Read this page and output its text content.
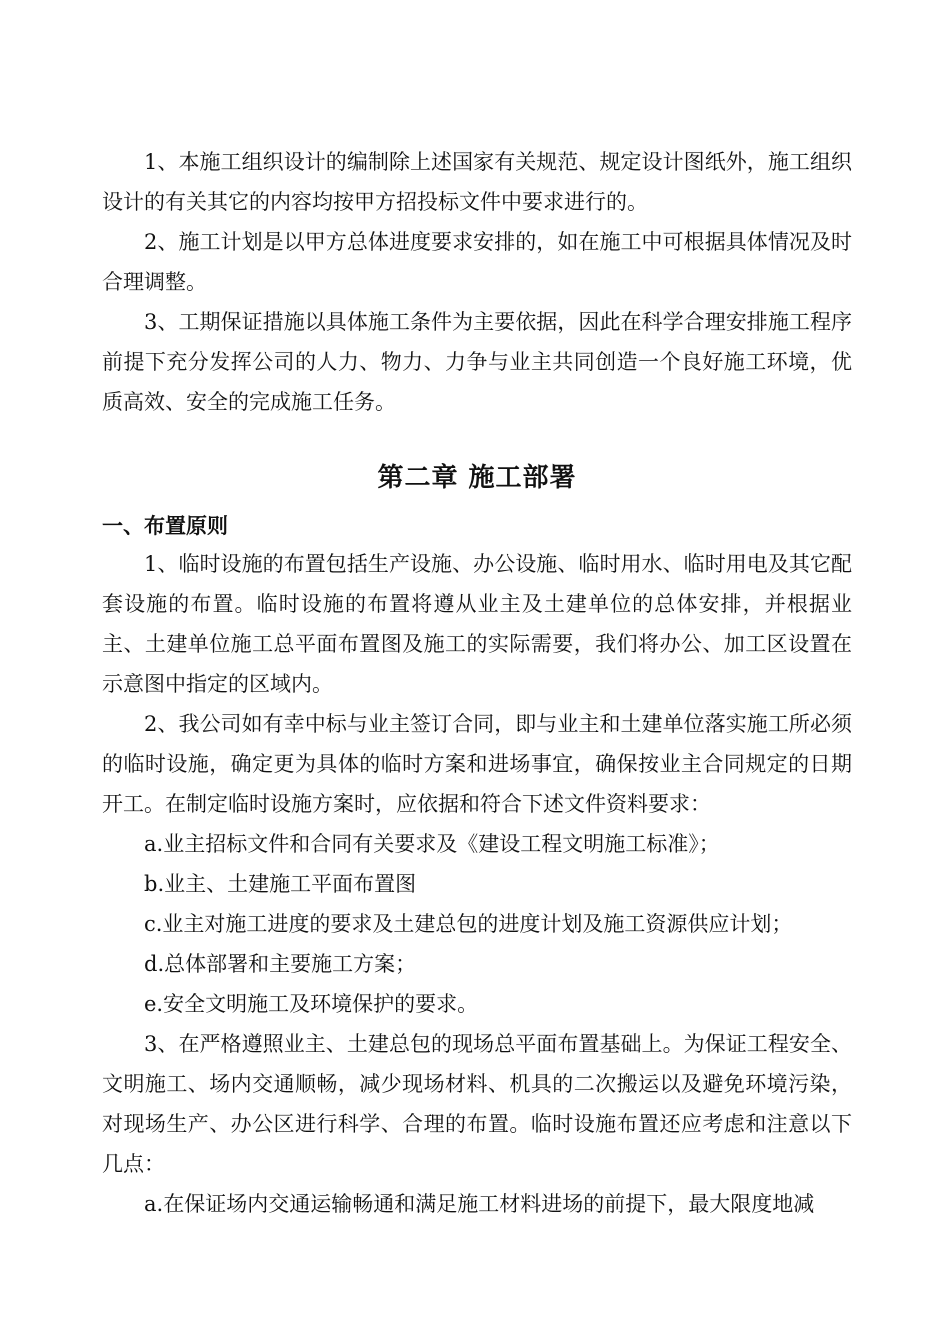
1、本施工组织设计的编制除上述国家有关规范、规定设计图纸外，施工组织设计的有关其它的内容均按甲方招投标文件中要求进行的。

2、施工计划是以甲方总体进度要求安排的，如在施工中可根据具体情况及时合理调整。

3、工期保证措施以具体施工条件为主要依据，因此在科学合理安排施工程序前提下充分发挥公司的人力、物力、力争与业主共同创造一个良好施工环境，优质高效、安全的完成施工任务。

第二章 施工部署
一、布置原则

1、临时设施的布置包括生产设施、办公设施、临时用水、临时用电及其它配套设施的布置。临时设施的布置将遵从业主及土建单位的总体安排，并根据业主、土建单位施工总平面布置图及施工的实际需要，我们将办公、加工区设置在示意图中指定的区域内。

2、我公司如有幸中标与业主签订合同，即与业主和土建单位落实施工所必须的临时设施，确定更为具体的临时方案和进场事宜，确保按业主合同规定的日期开工。在制定临时设施方案时，应依据和符合下述文件资料要求：

a.业主招标文件和合同有关要求及《建设工程文明施工标准》；

b.业主、土建施工平面布置图

c.业主对施工进度的要求及土建总包的进度计划及施工资源供应计划；

d.总体部署和主要施工方案；

e.安全文明施工及环境保护的要求。

3、在严格遵照业主、土建总包的现场总平面布置基础上。为保证工程安全、文明施工、场内交通顺畅，减少现场材料、机具的二次搬运以及避免环境污染，对现场生产、办公区进行科学、合理的布置。临时设施布置还应考虑和注意以下几点：

a.在保证场内交通运输畅通和满足施工材料进场的前提下，最大限度地减
